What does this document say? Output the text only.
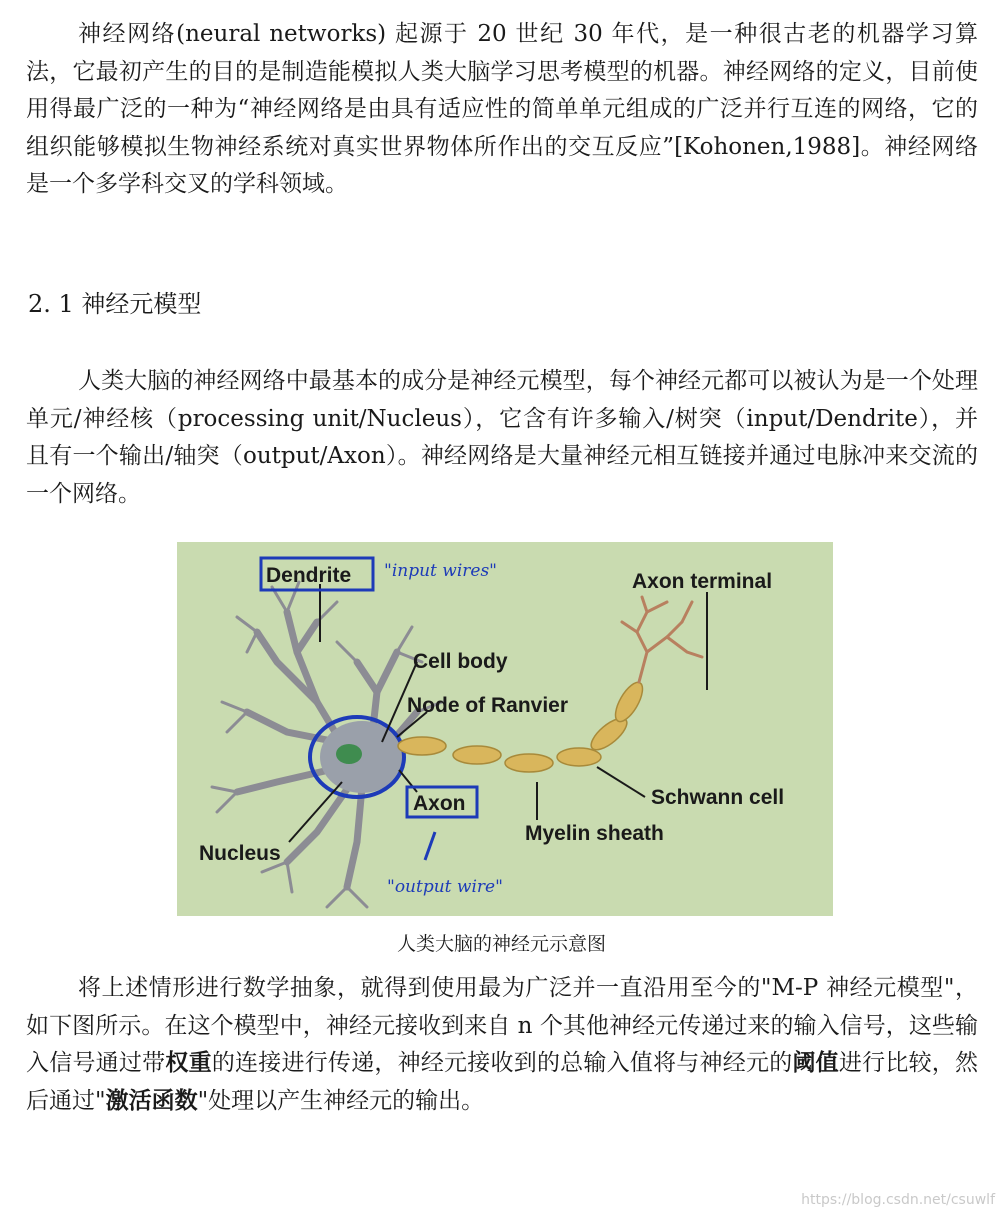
神经网络(neural networks) 起源于 20 世纪 30 年代，是一种很古老的机器学习算法，它最初产生的目的是制造能模拟人类大脑学习思考模型的机器。神经网络的定义，目前使用得最广泛的一种为“神经网络是由具有适应性的简单单元组成的广泛并行互连的网络，它的组织能够模拟生物神经系统对真实世界物体所作出的交互反应”[Kohonen,1988]。神经网络是一个多学科交叉的学科领域。

2. 1 神经元模型

人类大脑的神经网络中最基本的成分是神经元模型，每个神经元都可以被认为是一个处理单元/神经核（processing unit/Nucleus），它含有许多输入/树突（input/Dendrite），并且有一个输出/轴突（output/Axon）。神经网络是大量神经元相互链接并通过电脉冲来交流的一个网络。

Dendrite	Axon terminal
Cell body
Node of Ranvier
Axon	Schwann cell
Myelin sheath
Nucleus
"input wires"
"output wire"

人类大脑的神经元示意图

将上述情形进行数学抽象，就得到使用最为广泛并一直沿用至今的"M-P 神经元模型"，如下图所示。在这个模型中，神经元接收到来自 n 个其他神经元传递过来的输入信号，这些输入信号通过带权重的连接进行传递，神经元接收到的总输入值将与神经元的阈值进行比较，然后通过"激活函数"处理以产生神经元的输出。

https://blog.csdn.net/csuwlf
